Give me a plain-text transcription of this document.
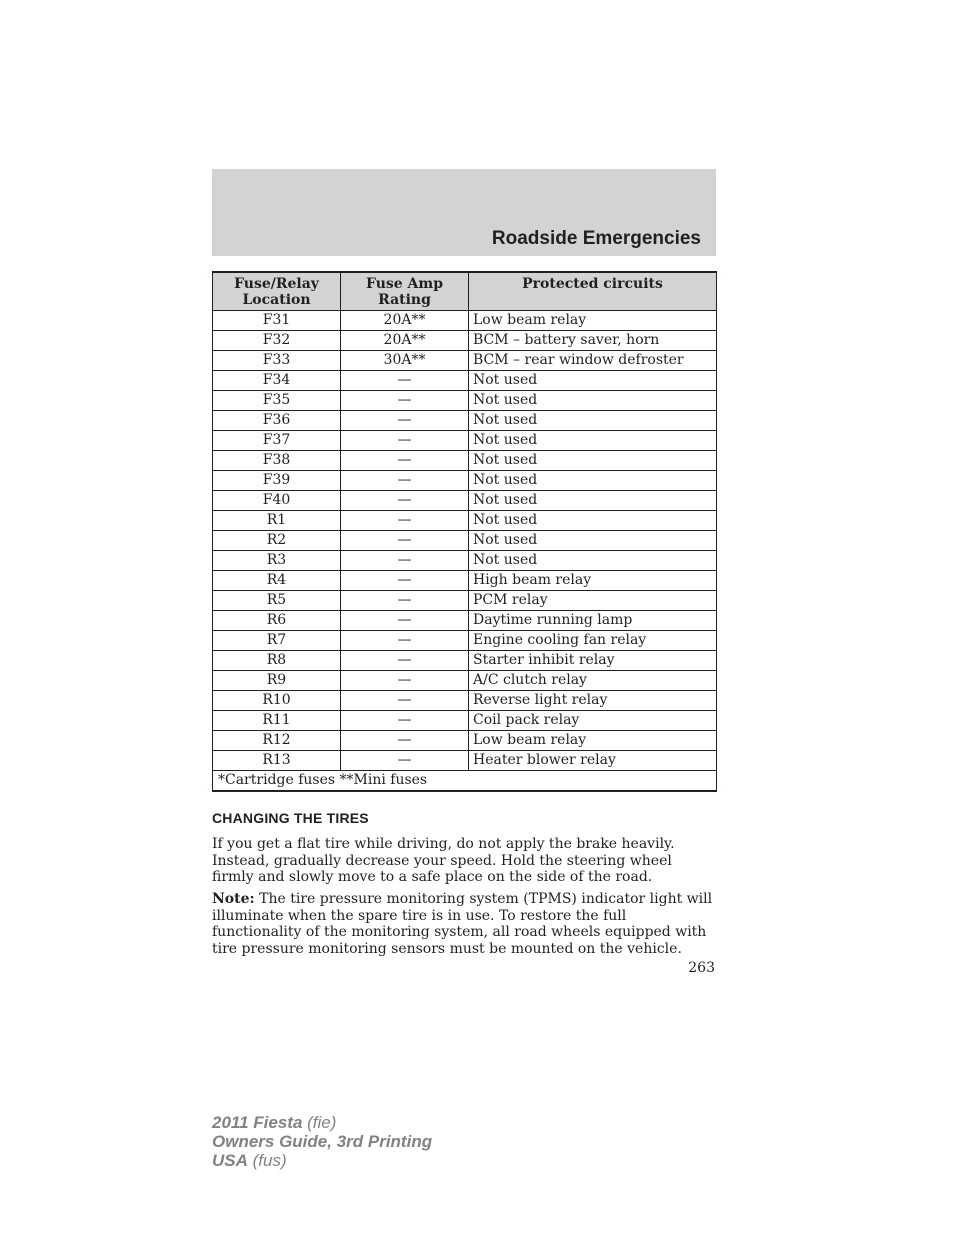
Roadside Emergencies
Fuse/Relay Location	Fuse Amp Rating	Protected circuits
F31	20A**	Low beam relay
F32	20A**	BCM – battery saver, horn
F33	30A**	BCM – rear window defroster
F34	—	Not used
F35	—	Not used
F36	—	Not used
F37	—	Not used
F38	—	Not used
F39	—	Not used
F40	—	Not used
R1	—	Not used
R2	—	Not used
R3	—	Not used
R4	—	High beam relay
R5	—	PCM relay
R6	—	Daytime running lamp
R7	—	Engine cooling fan relay
R8	—	Starter inhibit relay
R9	—	A/C clutch relay
R10	—	Reverse light relay
R11	—	Coil pack relay
R12	—	Low beam relay
R13	—	Heater blower relay
*Cartridge fuses **Mini fuses		
CHANGING THE TIRES

If you get a flat tire while driving, do not apply the brake heavily. Instead, gradually decrease your speed. Hold the steering wheel firmly and slowly move to a safe place on the side of the road.

Note: The tire pressure monitoring system (TPMS) indicator light will illuminate when the spare tire is in use. To restore the full functionality of the monitoring system, all road wheels equipped with tire pressure monitoring sensors must be mounted on the vehicle.

263
2011 Fiesta (fie)
Owners Guide, 3rd Printing
USA (fus)
